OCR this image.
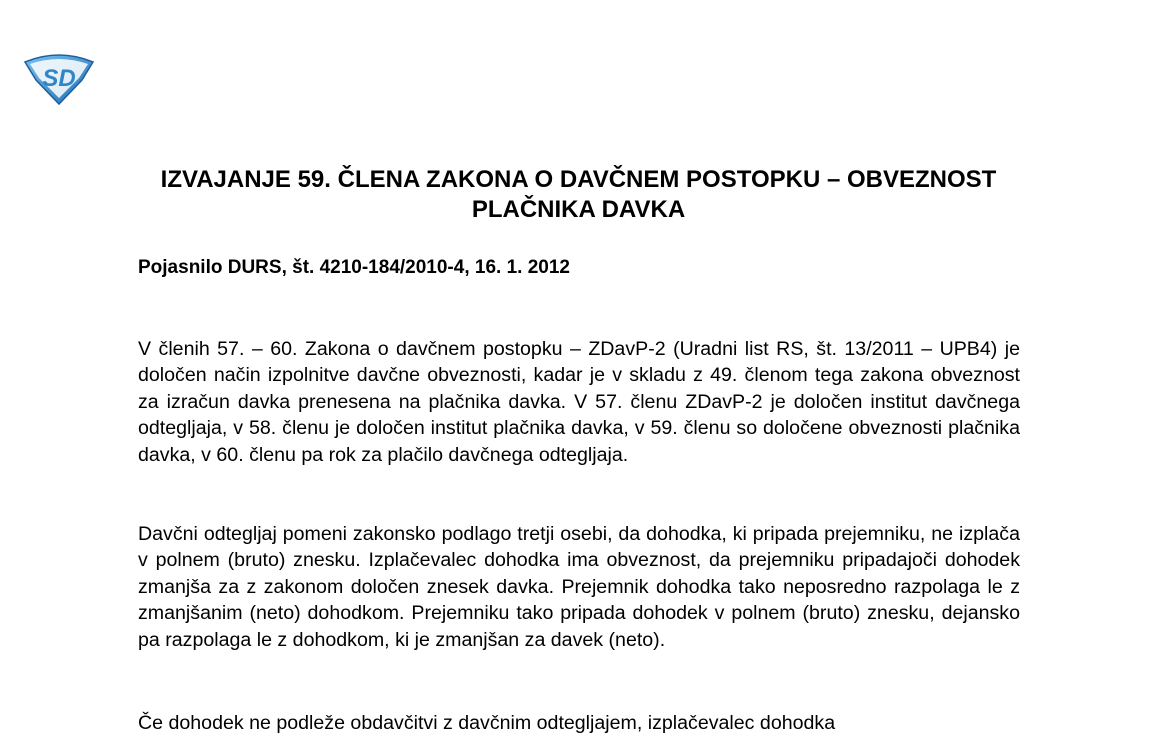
SD
IZVAJANJE 59. ČLENA ZAKONA O DAVČNEM POSTOPKU – OBVEZNOST PLAČNIKA DAVKA

Pojasnilo DURS, št. 4210-184/2010-4, 16. 1. 2012

V členih 57. – 60. Zakona o davčnem postopku – ZDavP-2 (Uradni list RS, št. 13/2011 – UPB4) je določen način izpolnitve davčne obveznosti, kadar je v skladu z 49. členom tega zakona obveznost za izračun davka prenesena na plačnika davka. V 57. členu ZDavP-2 je določen institut davčnega odtegljaja, v 58. členu je določen institut plačnika davka, v 59. členu so določene obveznosti plačnika davka, v 60. členu pa rok za plačilo davčnega odtegljaja.

Davčni odtegljaj pomeni zakonsko podlago tretji osebi, da dohodka, ki pripada prejemniku, ne izplača v polnem (bruto) znesku. Izplačevalec dohodka ima obveznost, da prejemniku pripadajoči dohodek zmanjša za z zakonom določen znesek davka. Prejemnik dohodka tako neposredno razpolaga le z zmanjšanim (neto) dohodkom. Prejemniku tako pripada dohodek v polnem (bruto) znesku, dejansko pa razpolaga le z dohodkom, ki je zmanjšan za davek (neto).

Če dohodek ne podleže obdavčitvi z davčnim odtegljajem, izplačevalec dohodka
